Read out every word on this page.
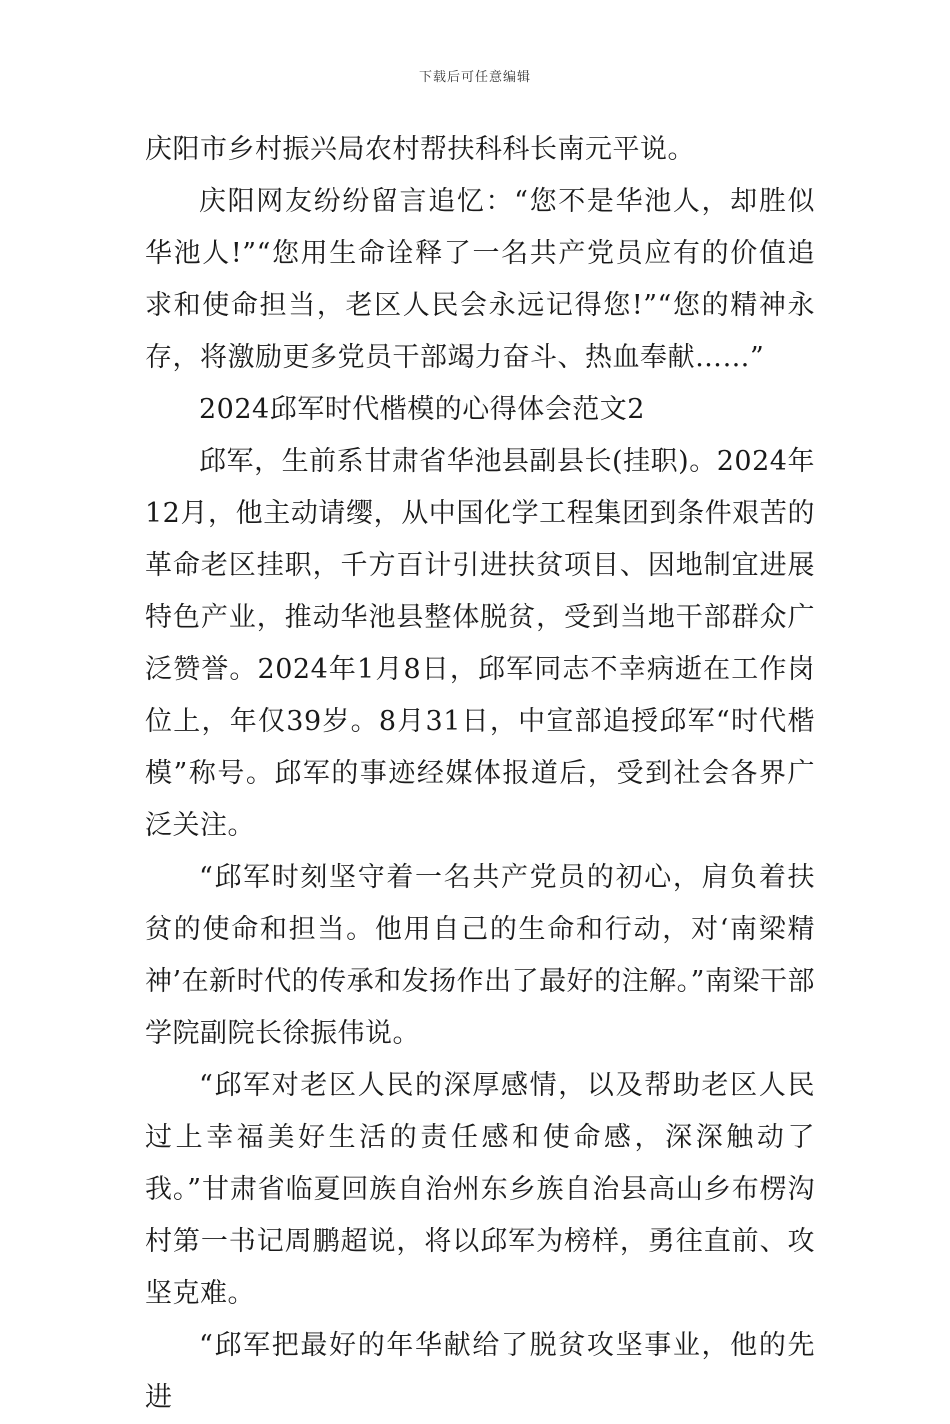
下载后可任意编辑

庆阳市乡村振兴局农村帮扶科科长南元平说。

庆阳网友纷纷留言追忆：“您不是华池人，却胜似华池人!”“您用生命诠释了一名共产党员应有的价值追求和使命担当，老区人民会永远记得您!”“您的精神永存，将激励更多党员干部竭力奋斗、热血奉献……”

2024邱军时代楷模的心得体会范文2

邱军，生前系甘肃省华池县副县长(挂职)。2024年12月，他主动请缨，从中国化学工程集团到条件艰苦的革命老区挂职，千方百计引进扶贫项目、因地制宜进展特色产业，推动华池县整体脱贫，受到当地干部群众广泛赞誉。2024年1月8日，邱军同志不幸病逝在工作岗位上，年仅39岁。8月31日，中宣部追授邱军“时代楷模”称号。邱军的事迹经媒体报道后，受到社会各界广泛关注。

“邱军时刻坚守着一名共产党员的初心，肩负着扶贫的使命和担当。他用自己的生命和行动，对‘南梁精神’在新时代的传承和发扬作出了最好的注解。”南梁干部学院副院长徐振伟说。

“邱军对老区人民的深厚感情，以及帮助老区人民过上幸福美好生活的责任感和使命感，深深触动了我。”甘肃省临夏回族自治州东乡族自治县高山乡布楞沟村第一书记周鹏超说，将以邱军为榜样，勇往直前、攻坚克难。

“邱军把最好的年华献给了脱贫攻坚事业，他的先进
